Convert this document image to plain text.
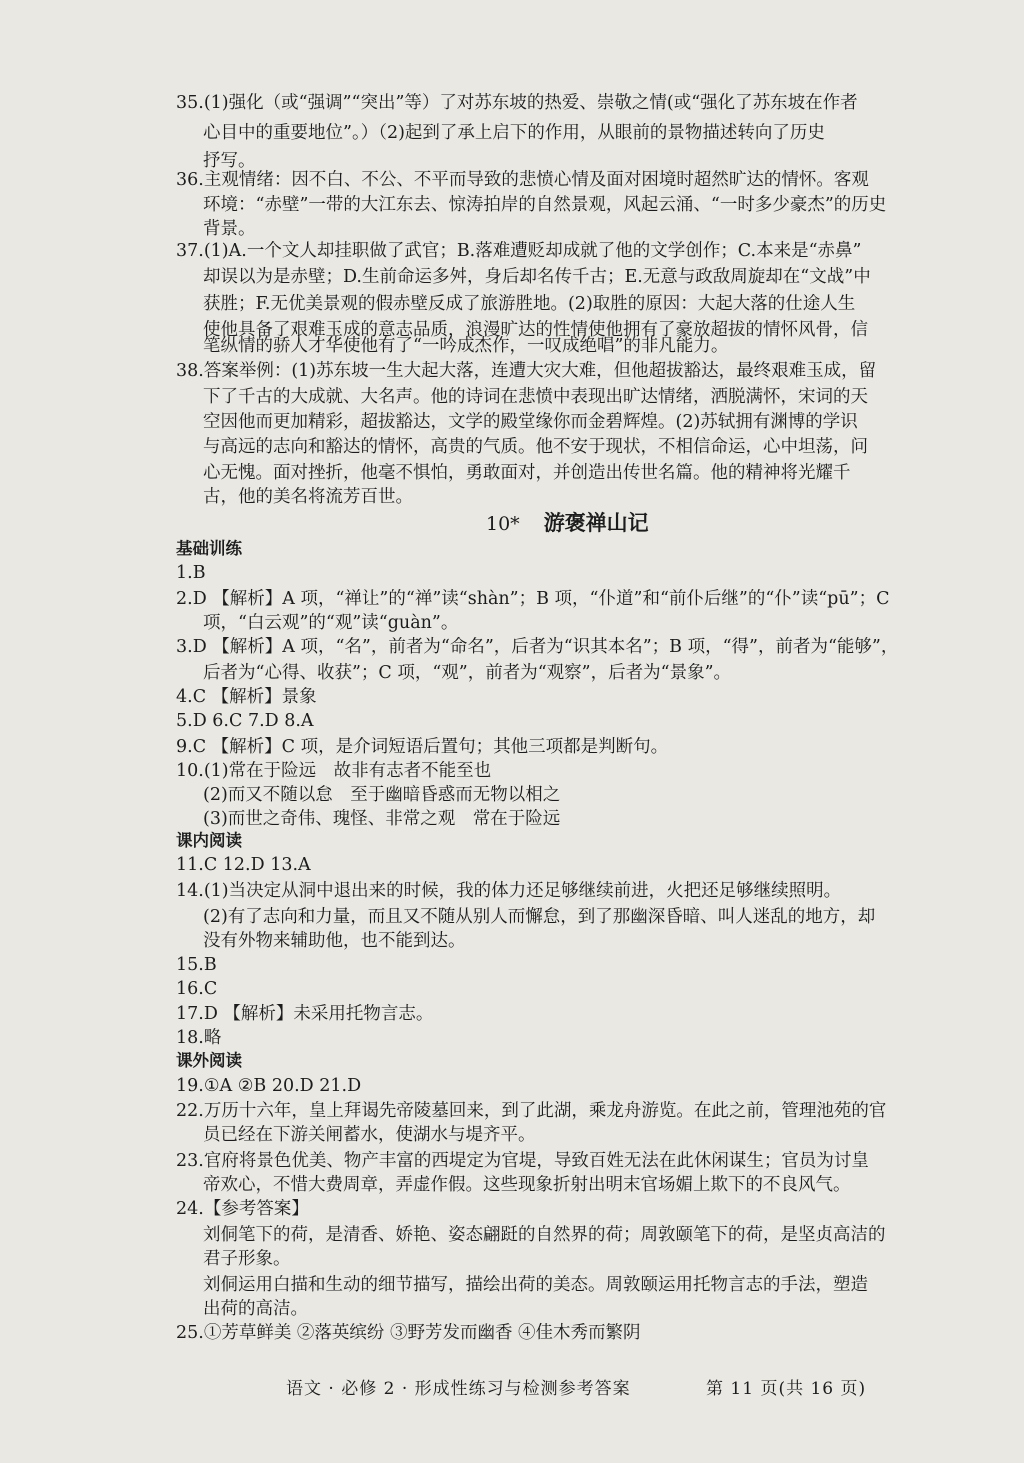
35.(1)强化（或“强调”“突出”等）了对苏东坡的热爱、崇敬之情(或“强化了苏东坡在作者
心目中的重要地位”。）（2)起到了承上启下的作用，从眼前的景物描述转向了历史
抒写。
36.主观情绪：因不白、不公、不平而导致的悲愤心情及面对困境时超然旷达的情怀。客观
环境：“赤壁”一带的大江东去、惊涛拍岸的自然景观，风起云涌、“一时多少豪杰”的历史
背景。
37.(1)A.一个文人却挂职做了武官；B.落难遭贬却成就了他的文学创作；C.本来是“赤鼻”
却误以为是赤壁；D.生前命运多舛，身后却名传千古；E.无意与政敌周旋却在“文战”中
获胜；F.无优美景观的假赤壁反成了旅游胜地。(2)取胜的原因：大起大落的仕途人生
使他具备了艰难玉成的意志品质，浪漫旷达的性情使他拥有了豪放超拔的情怀风骨，信
笔纵情的骄人才华使他有了“一吟成杰作，一叹成绝唱”的非凡能力。
38.答案举例：(1)苏东坡一生大起大落，连遭大灾大难，但他超拔豁达，最终艰难玉成，留
下了千古的大成就、大名声。他的诗词在悲愤中表现出旷达情绪，洒脱满怀，宋词的天
空因他而更加精彩，超拔豁达，文学的殿堂缘你而金碧辉煌。(2)苏轼拥有渊博的学识
与高远的志向和豁达的情怀，高贵的气质。他不安于现状，不相信命运，心中坦荡，问
心无愧。面对挫折，他毫不惧怕，勇敢面对，并创造出传世名篇。他的精神将光耀千
古，他的美名将流芳百世。
10* 游褒禅山记
基础训练
1.B
2.D 【解析】A 项，“禅让”的“禅”读“shàn”；B 项，“仆道”和“前仆后继”的“仆”读“pū”；C
项，“白云观”的“观”读“guàn”。
3.D 【解析】A 项，“名”，前者为“命名”，后者为“识其本名”；B 项，“得”，前者为“能够”，
后者为“心得、收获”；C 项，“观”，前者为“观察”，后者为“景象”。
4.C 【解析】景象
5.D 6.C 7.D 8.A
9.C 【解析】C 项，是介词短语后置句；其他三项都是判断句。
10.(1)常在于险远　故非有志者不能至也
(2)而又不随以怠　至于幽暗昏惑而无物以相之
(3)而世之奇伟、瑰怪、非常之观　常在于险远
课内阅读
11.C 12.D 13.A
14.(1)当决定从洞中退出来的时候，我的体力还足够继续前进，火把还足够继续照明。
(2)有了志向和力量，而且又不随从别人而懈怠，到了那幽深昏暗、叫人迷乱的地方，却
没有外物来辅助他，也不能到达。
15.B
16.C
17.D 【解析】未采用托物言志。
18.略
课外阅读
19.①A ②B 20.D 21.D
22.万历十六年，皇上拜谒先帝陵墓回来，到了此湖，乘龙舟游览。在此之前，管理池苑的官
员已经在下游关闸蓄水，使湖水与堤齐平。
23.官府将景色优美、物产丰富的西堤定为官堤，导致百姓无法在此休闲谋生；官员为讨皇
帝欢心，不惜大费周章，弄虚作假。这些现象折射出明末官场媚上欺下的不良风气。
24.【参考答案】
刘侗笔下的荷，是清香、娇艳、姿态翩跹的自然界的荷；周敦颐笔下的荷，是坚贞高洁的
君子形象。
刘侗运用白描和生动的细节描写，描绘出荷的美态。周敦颐运用托物言志的手法，塑造
出荷的高洁。
25.①芳草鲜美 ②落英缤纷 ③野芳发而幽香 ④佳木秀而繁阴
语文 · 必修 2 · 形成性练习与检测参考答案	第 11 页(共 16 页)
